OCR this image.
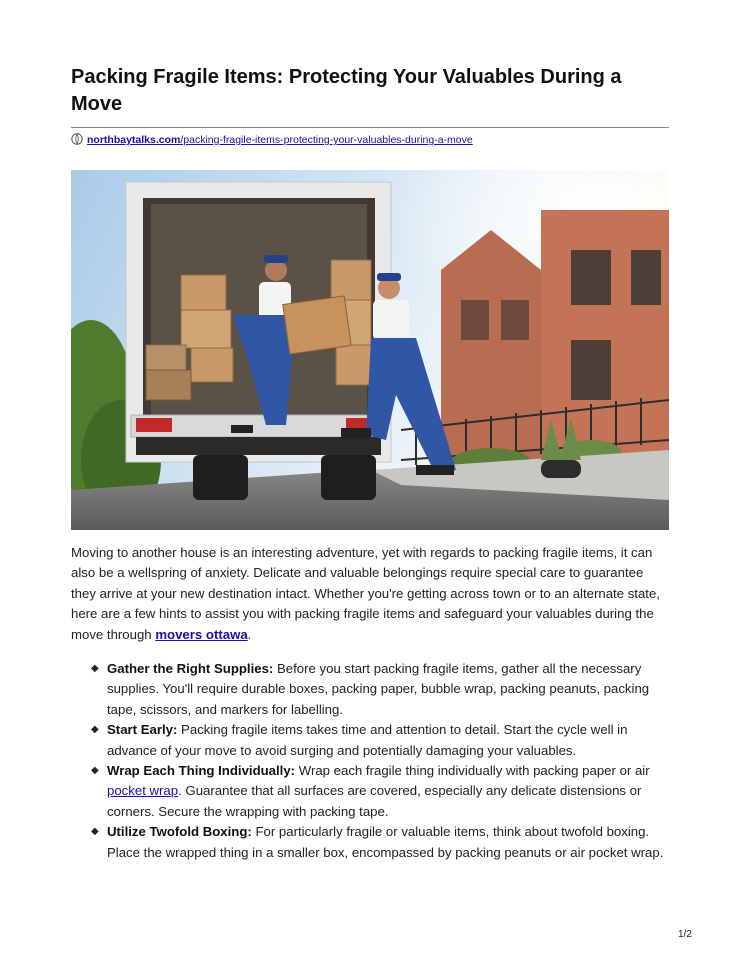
Packing Fragile Items: Protecting Your Valuables During a Move
northbaytalks.com/packing-fragile-items-protecting-your-valuables-during-a-move

Moving to another house is an interesting adventure, yet with regards to packing fragile items, it can also be a wellspring of anxiety. Delicate and valuable belongings require special care to guarantee they arrive at your new destination intact. Whether you're getting across town or to an alternate state, here are a few hints to assist you with packing fragile items and safeguard your valuables during the move through movers ottawa.

◆ Gather the Right Supplies: Before you start packing fragile items, gather all the necessary supplies. You'll require durable boxes, packing paper, bubble wrap, packing peanuts, packing tape, scissors, and markers for labelling.
◆ Start Early: Packing fragile items takes time and attention to detail. Start the cycle well in advance of your move to avoid surging and potentially damaging your valuables.
◆ Wrap Each Thing Individually: Wrap each fragile thing individually with packing paper or air pocket wrap. Guarantee that all surfaces are covered, especially any delicate distensions or corners. Secure the wrapping with packing tape.
◆ Utilize Twofold Boxing: For particularly fragile or valuable items, think about twofold boxing. Place the wrapped thing in a smaller box, encompassed by packing peanuts or air pocket wrap.
1/2
